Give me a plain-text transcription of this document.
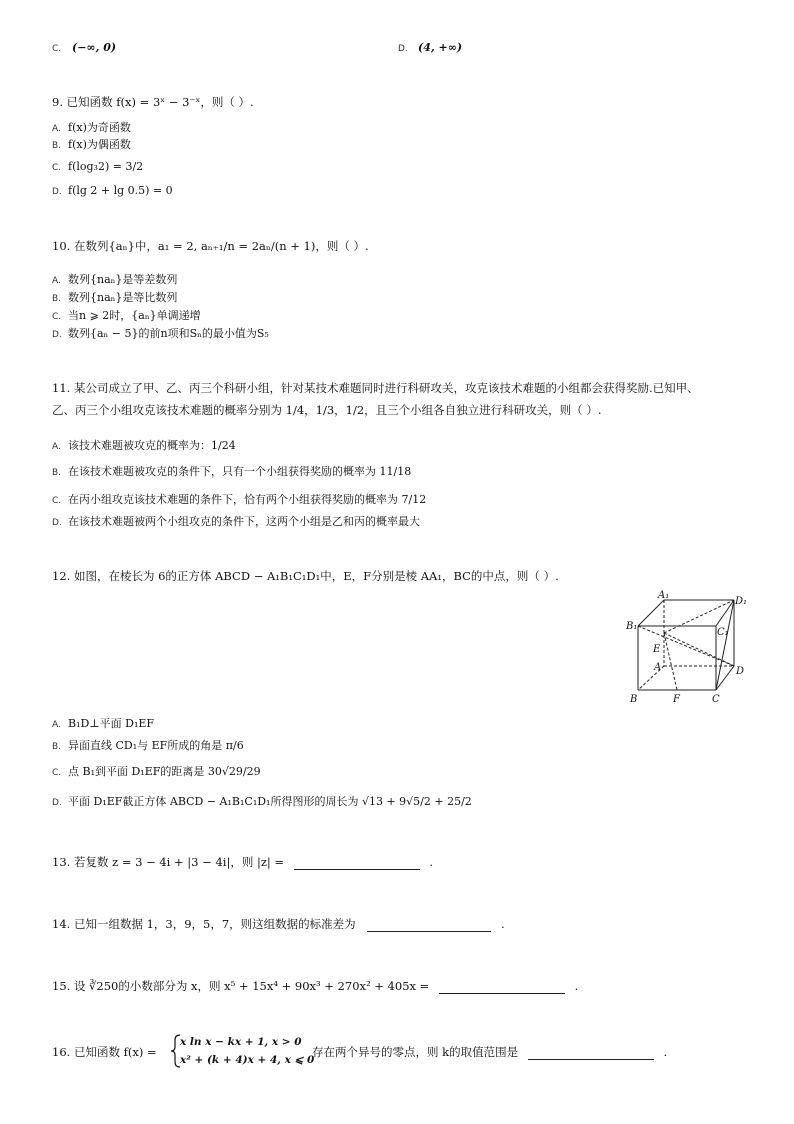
C. (−∞, 0)	D. (4, +∞)
9. 已知函数 f(x) = 3ˣ − 3⁻ˣ，则（ ）.
A. f(x)为奇函数
B. f(x)为偶函数
C. f(log₃2) = 3/2
D. f(lg 2 + lg 0.5) = 0
10. 在数列{aₙ}中，a₁ = 2, aₙ₊₁/n = 2aₙ/(n + 1)，则（ ）.
A. 数列{naₙ}是等差数列
B. 数列{naₙ}是等比数列
C. 当n ⩾ 2时，{aₙ}单调递增
D. 数列{aₙ − 5}的前n项和Sₙ的最小值为S₅
11. 某公司成立了甲、乙、丙三个科研小组，针对某技术难题同时进行科研攻关，攻克该技术难题的小组都会获得奖励.已知甲、
乙、丙三个小组攻克该技术难题的概率分别为 1/4，1/3，1/2，且三个小组各自独立进行科研攻关，则（ ）.
A. 该技术难题被攻克的概率为：1/24
B. 在该技术难题被攻克的条件下，只有一个小组获得奖励的概率为 11/18
C. 在丙小组攻克该技术难题的条件下，恰有两个小组获得奖励的概率为 7/12
D. 在该技术难题被两个小组攻克的条件下，这两个小组是乙和丙的概率最大
12. 如图，在棱长为 6的正方体 ABCD − A₁B₁C₁D₁中，E，F分别是棱 AA₁，BC的中点，则（ ）.
A₁
D₁
B₁
C₁
E
A	D
B	F	C
A. B₁D⊥平面 D₁EF
B. 异面直线 CD₁与 EF所成的角是 π/6
C. 点 B₁到平面 D₁EF的距离是 30√29/29
D. 平面 D₁EF截正方体 ABCD − A₁B₁C₁D₁所得图形的周长为 √13 + 9√5/2 + 25/2
13. 若复数 z = 3 − 4i + |3 − 4i|，则 |z| =	.
14. 已知一组数据 1，3，9，5，7，则这组数据的标准差为	.
15. 设 ∛250的小数部分为 x，则 x⁵ + 15x⁴ + 90x³ + 270x² + 405x =	.
16. 已知函数 f(x) =
x ln x − kx + 1, x > 0
x² + (k + 4)x + 4, x ⩽ 0
存在两个异号的零点，则 k的取值范围是	.
